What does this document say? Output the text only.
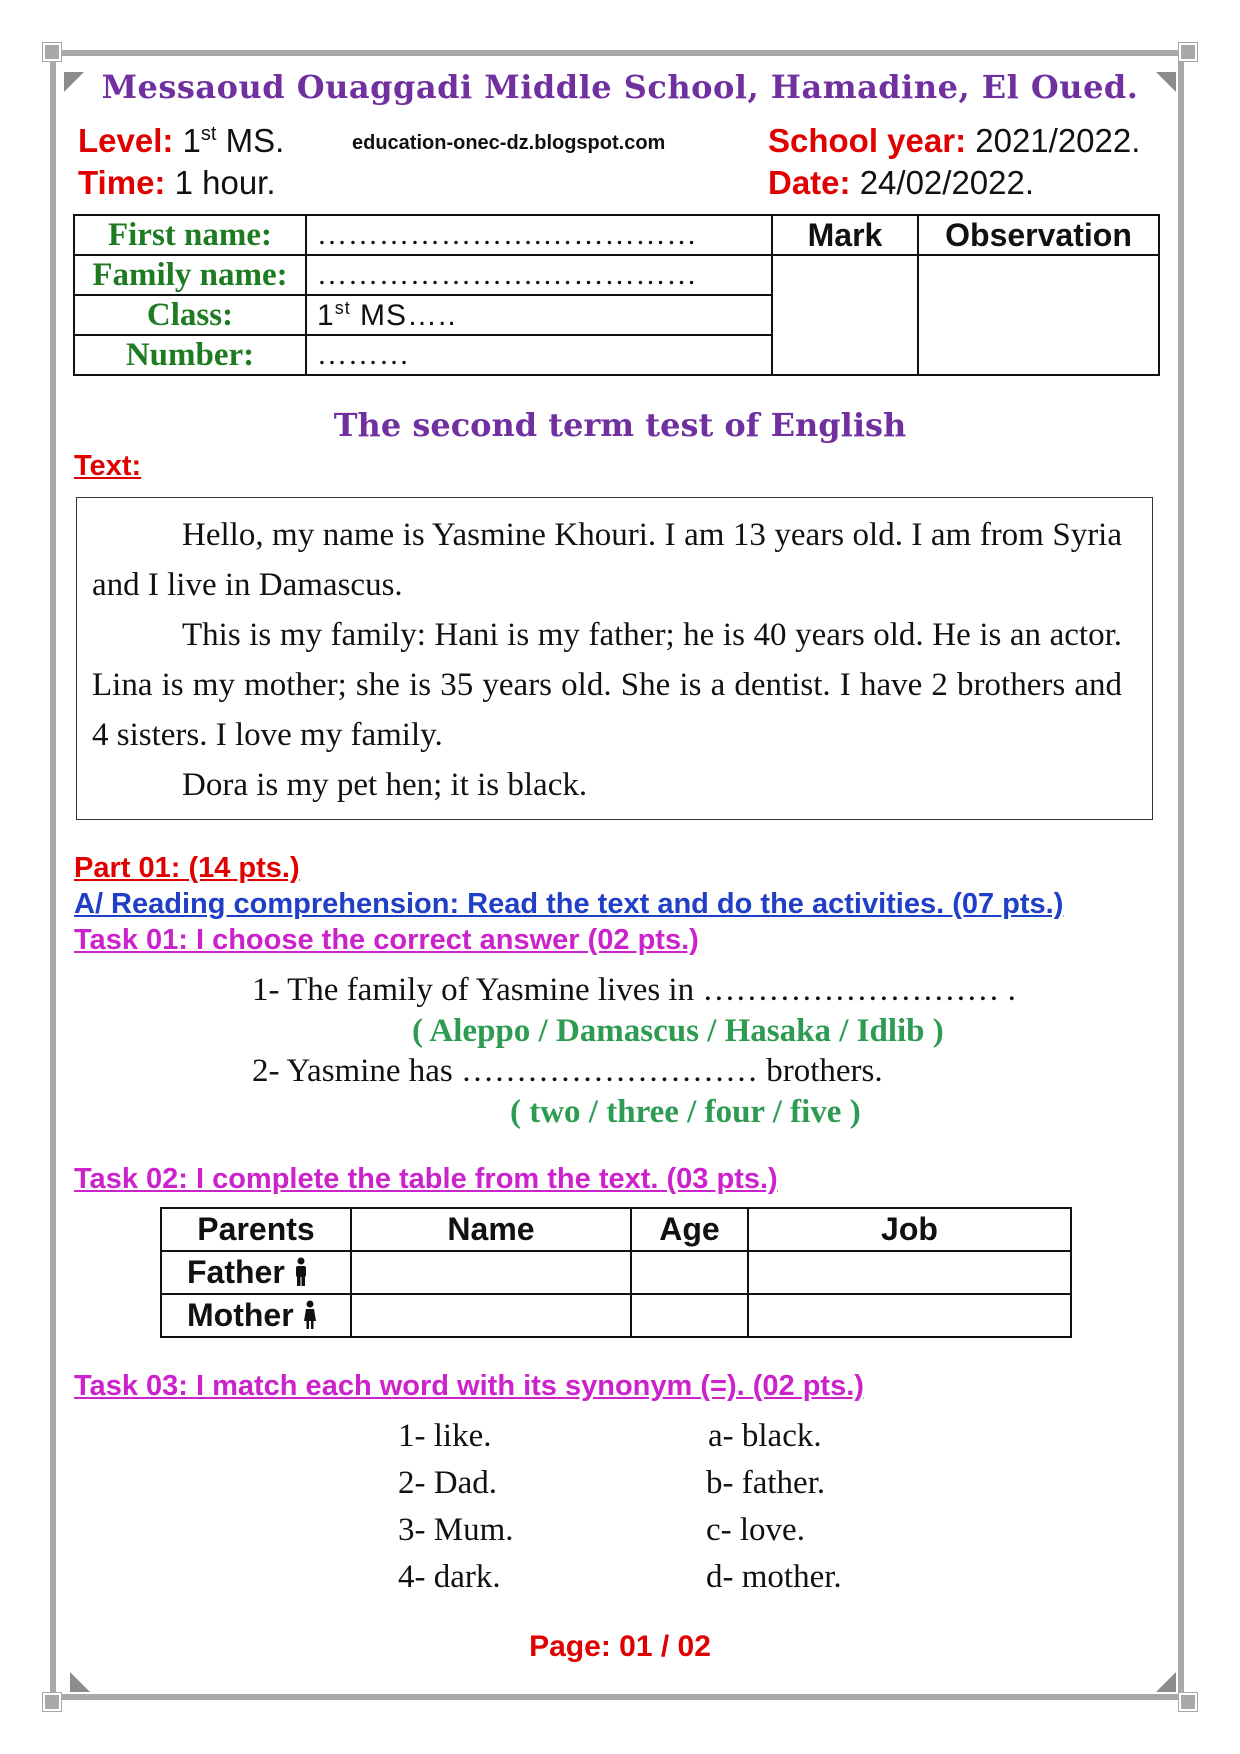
Messaoud Ouaggadi Middle School, Hamadine, El Oued.
Level: 1st MS.
Time: 1 hour.
education-onec-dz.blogspot.com	School year: 2021/2022.
Date: 24/02/2022.
First name:	………………….……………	Mark	Observation
Family name:	………………….……………		
Class:	1st MS…..		
Number:	………		
The second term test of English
Text:

Hello, my name is Yasmine Khouri. I am 13 years old. I am from Syria and I live in Damascus.

This is my family: Hani is my father; he is 40 years old. He is an actor. Lina is my mother; she is 35 years old. She is a dentist. I have 2 brothers and 4 sisters. I love my family.

Dora is my pet hen; it is black.

Part 01: (14 pts.)
A/ Reading comprehension: Read the text and do the activities. (07 pts.)
Task 01: I choose the correct answer (02 pts.)
1- The family of Yasmine lives in ……………………… .
( Aleppo / Damascus / Hasaka / Idlib )
2- Yasmine has ……………………… brothers.
( two / three / four / five )
Task 02: I complete the table from the text. (03 pts.)
Parents	Name	Age	Job
Father			
Mother			
Task 03: I match each word with its synonym (=). (02 pts.)
1- like.
2- Dad.
3- Mum.
4- dark.
a- black.
b- father.
c- love.
d- mother.
Page: 01 / 02
